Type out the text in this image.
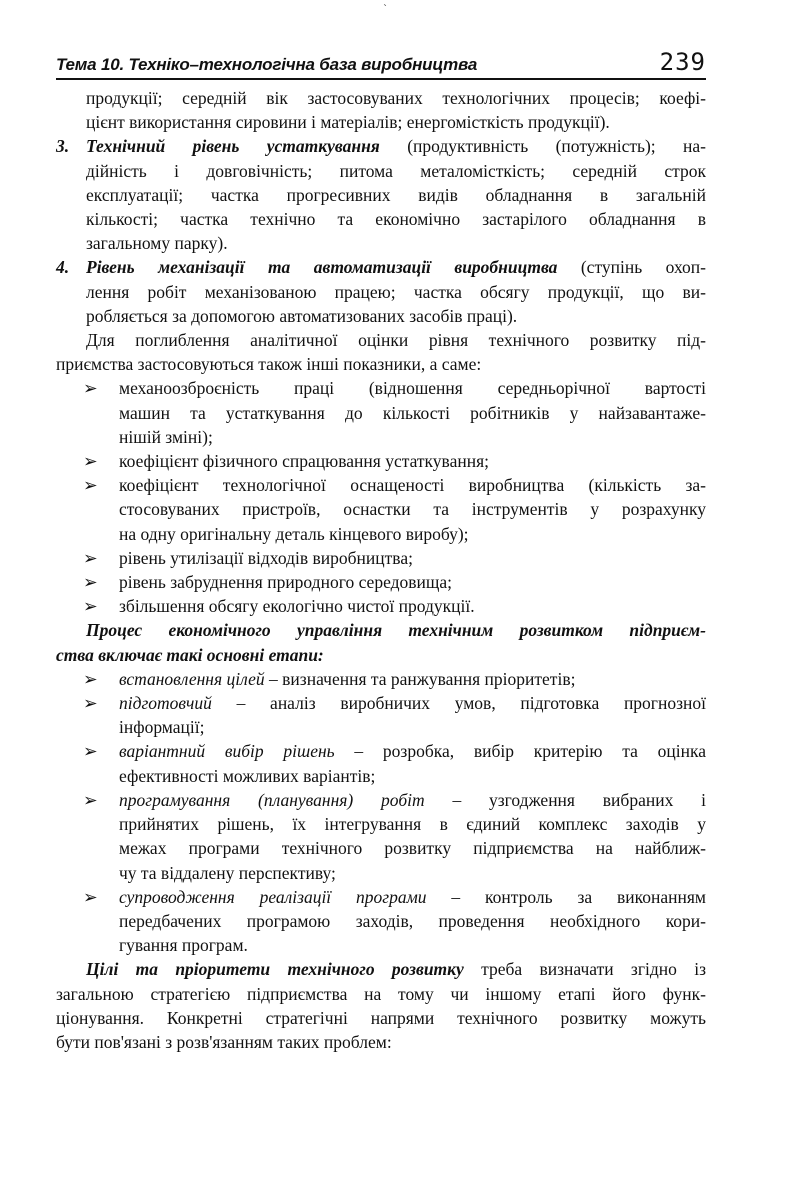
ˋ
Тема 10. Техніко–технологічна база виробництва	239
продукції; середній вік застосовуваних технологічних процесів; коефі-
цієнт використання сировини і матеріалів; енергомісткість продукції).
3. Технічний рівень устаткування (продуктивність (потужність); на-
дійність і довговічність; питома металомісткість; середній строк
експлуатації; частка прогресивних видів обладнання в загальній
кількості; частка технічно та економічно застарілого обладнання в
загальному парку).
4. Рівень механізації та автоматизації виробництва (ступінь охоп-
лення робіт механізованою працею; частка обсягу продукції, що ви-
робляється за допомогою автоматизованих засобів праці).
Для поглиблення аналітичної оцінки рівня технічного розвитку під-
приємства застосовуються також інші показники, а саме:
➢ механоозброєність праці (відношення середньорічної вартості
машин та устаткування до кількості робітників у найзавантаже-
нішій зміні);
➢ коефіцієнт фізичного спрацювання устаткування;
➢ коефіцієнт технологічної оснащеності виробництва (кількість за-
стосовуваних пристроїв, оснастки та інструментів у розрахунку
на одну оригінальну деталь кінцевого виробу);
➢ рівень утилізації відходів виробництва;
➢ рівень забруднення природного середовища;
➢ збільшення обсягу екологічно чистої продукції.
Процес економічного управління технічним розвитком підприєм-
ства включає такі основні етапи:
➢ встановлення цілей – визначення та ранжування пріоритетів;
➢ підготовчий – аналіз виробничих умов, підготовка прогнозної
інформації;
➢ варіантний вибір рішень – розробка, вибір критерію та оцінка
ефективності можливих варіантів;
➢ програмування (планування) робіт – узгодження вибраних і
прийнятих рішень, їх інтегрування в єдиний комплекс заходів у
межах програми технічного розвитку підприємства на найближ-
чу та віддалену перспективу;
➢ супроводження реалізації програми – контроль за виконанням
передбачених програмою заходів, проведення необхідного кори-
гування програм.
Цілі та пріоритети технічного розвитку треба визначати згідно із
загальною стратегією підприємства на тому чи іншому етапі його функ-
ціонування. Конкретні стратегічні напрями технічного розвитку можуть
бути пов'язані з розв'язанням таких проблем:
